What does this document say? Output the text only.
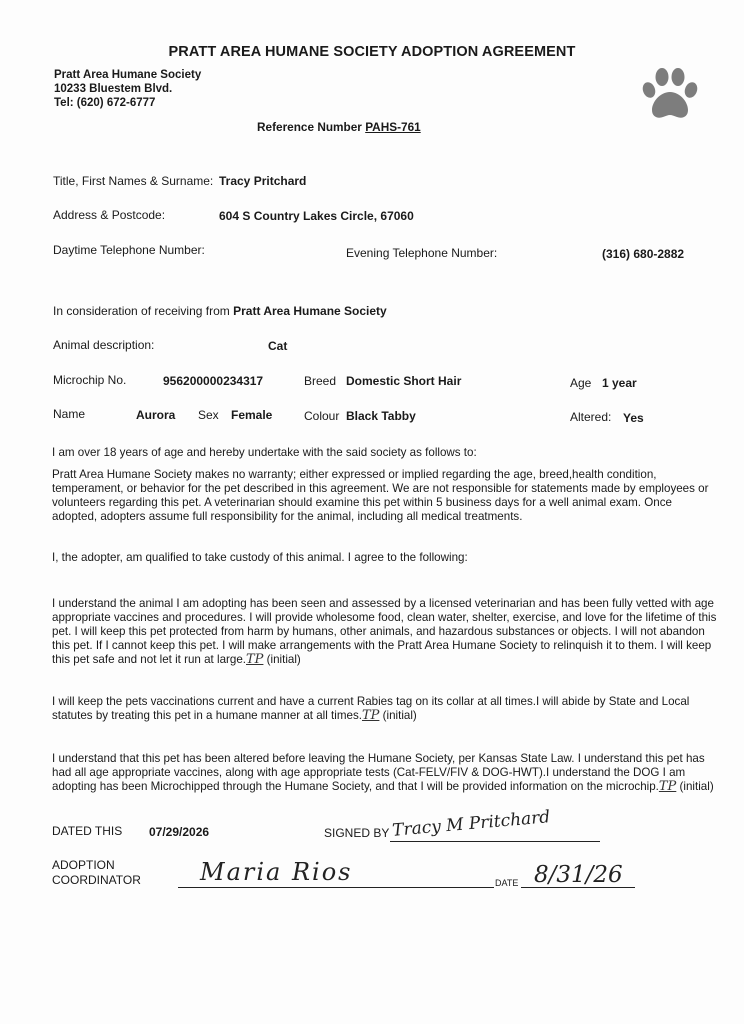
PRATT AREA HUMANE SOCIETY ADOPTION AGREEMENT
Pratt Area Humane Society
10233 Bluestem Blvd.
Tel: (620) 672-6777
Reference Number PAHS-761
Title, First Names & Surname: Tracy Pritchard
Address & Postcode:	604 S Country Lakes Circle, 67060
Daytime Telephone Number:	Evening Telephone Number:	(316) 680-2882
In consideration of receiving from Pratt Area Humane Society
Animal description:	Cat
Microchip No.	956200000234317	Breed Domestic Short Hair	Age 1 year
Name	Aurora Sex Female	Colour Black Tabby	Altered: Yes
I am over 18 years of age and hereby undertake with the said society as follows to:
Pratt Area Humane Society makes no warranty; either expressed or implied regarding the age, breed,health condition, temperament, or behavior for the pet described in this agreement. We are not responsible for statements made by employees or volunteers regarding this pet. A veterinarian should examine this pet within 5 business days for a well animal exam. Once adopted, adopters assume full responsibility for the animal, including all medical treatments.
I, the adopter, am qualified to take custody of this animal. I agree to the following:
I understand the animal I am adopting has been seen and assessed by a licensed veterinarian and has been fully vetted with age appropriate vaccines and procedures. I will provide wholesome food, clean water, shelter, exercise, and love for the lifetime of this pet. I will keep this pet protected from harm by humans, other animals, and hazardous substances or objects. I will not abandon this pet. If I cannot keep this pet. I will make arrangements with the Pratt Area Humane Society to relinquish it to them. I will keep this pet safe and not let it run at large.TP (initial)
I will keep the pets vaccinations current and have a current Rabies tag on its collar at all times.I will abide by State and Local statutes by treating this pet in a humane manner at all times.TP (initial)
I understand that this pet has been altered before leaving the Humane Society, per Kansas State Law. I understand this pet has had all age appropriate vaccines, along with age appropriate tests (Cat-FELV/FIV & DOG-HWT).I understand the DOG I am adopting has been Microchipped through the Humane Society, and that I will be provided information on the microchip.TP (initial)
DATED THIS 07/29/2026	SIGNED BY Tracy M Pritchard
ADOPTION
COORDINATOR Maria Rios	DATE 8/31/26
